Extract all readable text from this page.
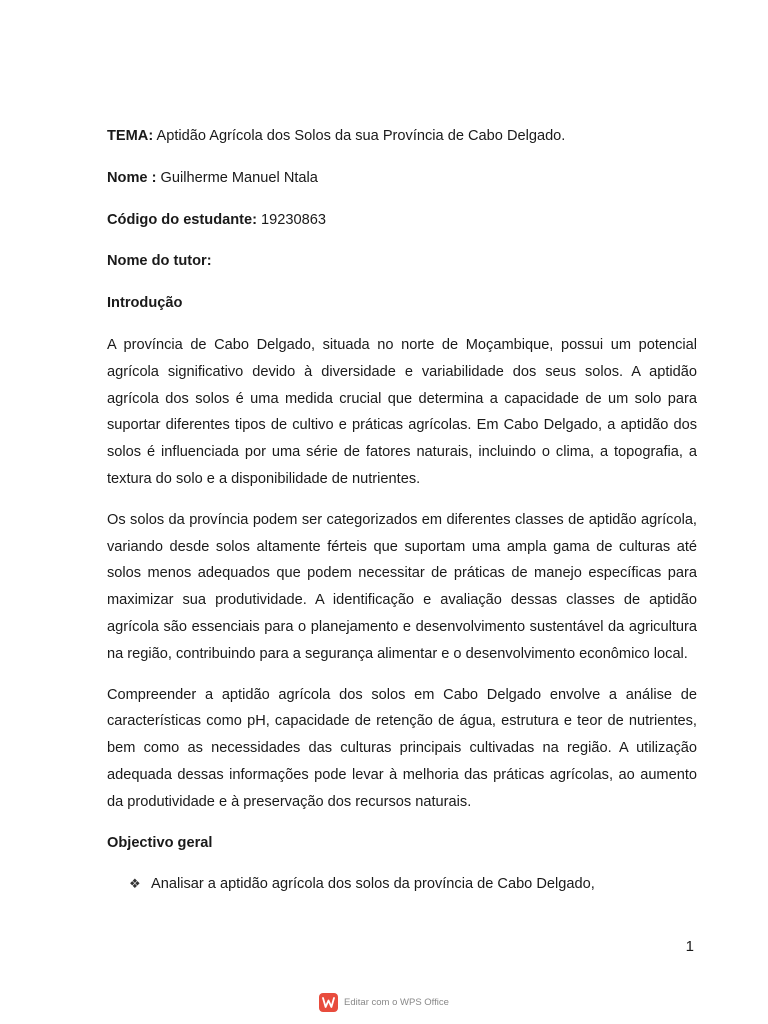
TEMA: Aptidão Agrícola dos Solos da sua Província de Cabo Delgado.

Nome : Guilherme Manuel Ntala

Código do estudante: 19230863

Nome do tutor:

Introdução

A província de Cabo Delgado, situada no norte de Moçambique, possui um potencial agrícola significativo devido à diversidade e variabilidade dos seus solos. A aptidão agrícola dos solos é uma medida crucial que determina a capacidade de um solo para suportar diferentes tipos de cultivo e práticas agrícolas. Em Cabo Delgado, a aptidão dos solos é influenciada por uma série de fatores naturais, incluindo o clima, a topografia, a textura do solo e a disponibilidade de nutrientes.

Os solos da província podem ser categorizados em diferentes classes de aptidão agrícola, variando desde solos altamente férteis que suportam uma ampla gama de culturas até solos menos adequados que podem necessitar de práticas de manejo específicas para maximizar sua produtividade. A identificação e avaliação dessas classes de aptidão agrícola são essenciais para o planejamento e desenvolvimento sustentável da agricultura na região, contribuindo para a segurança alimentar e o desenvolvimento econômico local.

Compreender a aptidão agrícola dos solos em Cabo Delgado envolve a análise de características como pH, capacidade de retenção de água, estrutura e teor de nutrientes, bem como as necessidades das culturas principais cultivadas na região. A utilização adequada dessas informações pode levar à melhoria das práticas agrícolas, ao aumento da produtividade e à preservação dos recursos naturais.

Objectivo geral

❖ Analisar a aptidão agrícola dos solos da província de Cabo Delgado,
1
Editar com o WPS Office
